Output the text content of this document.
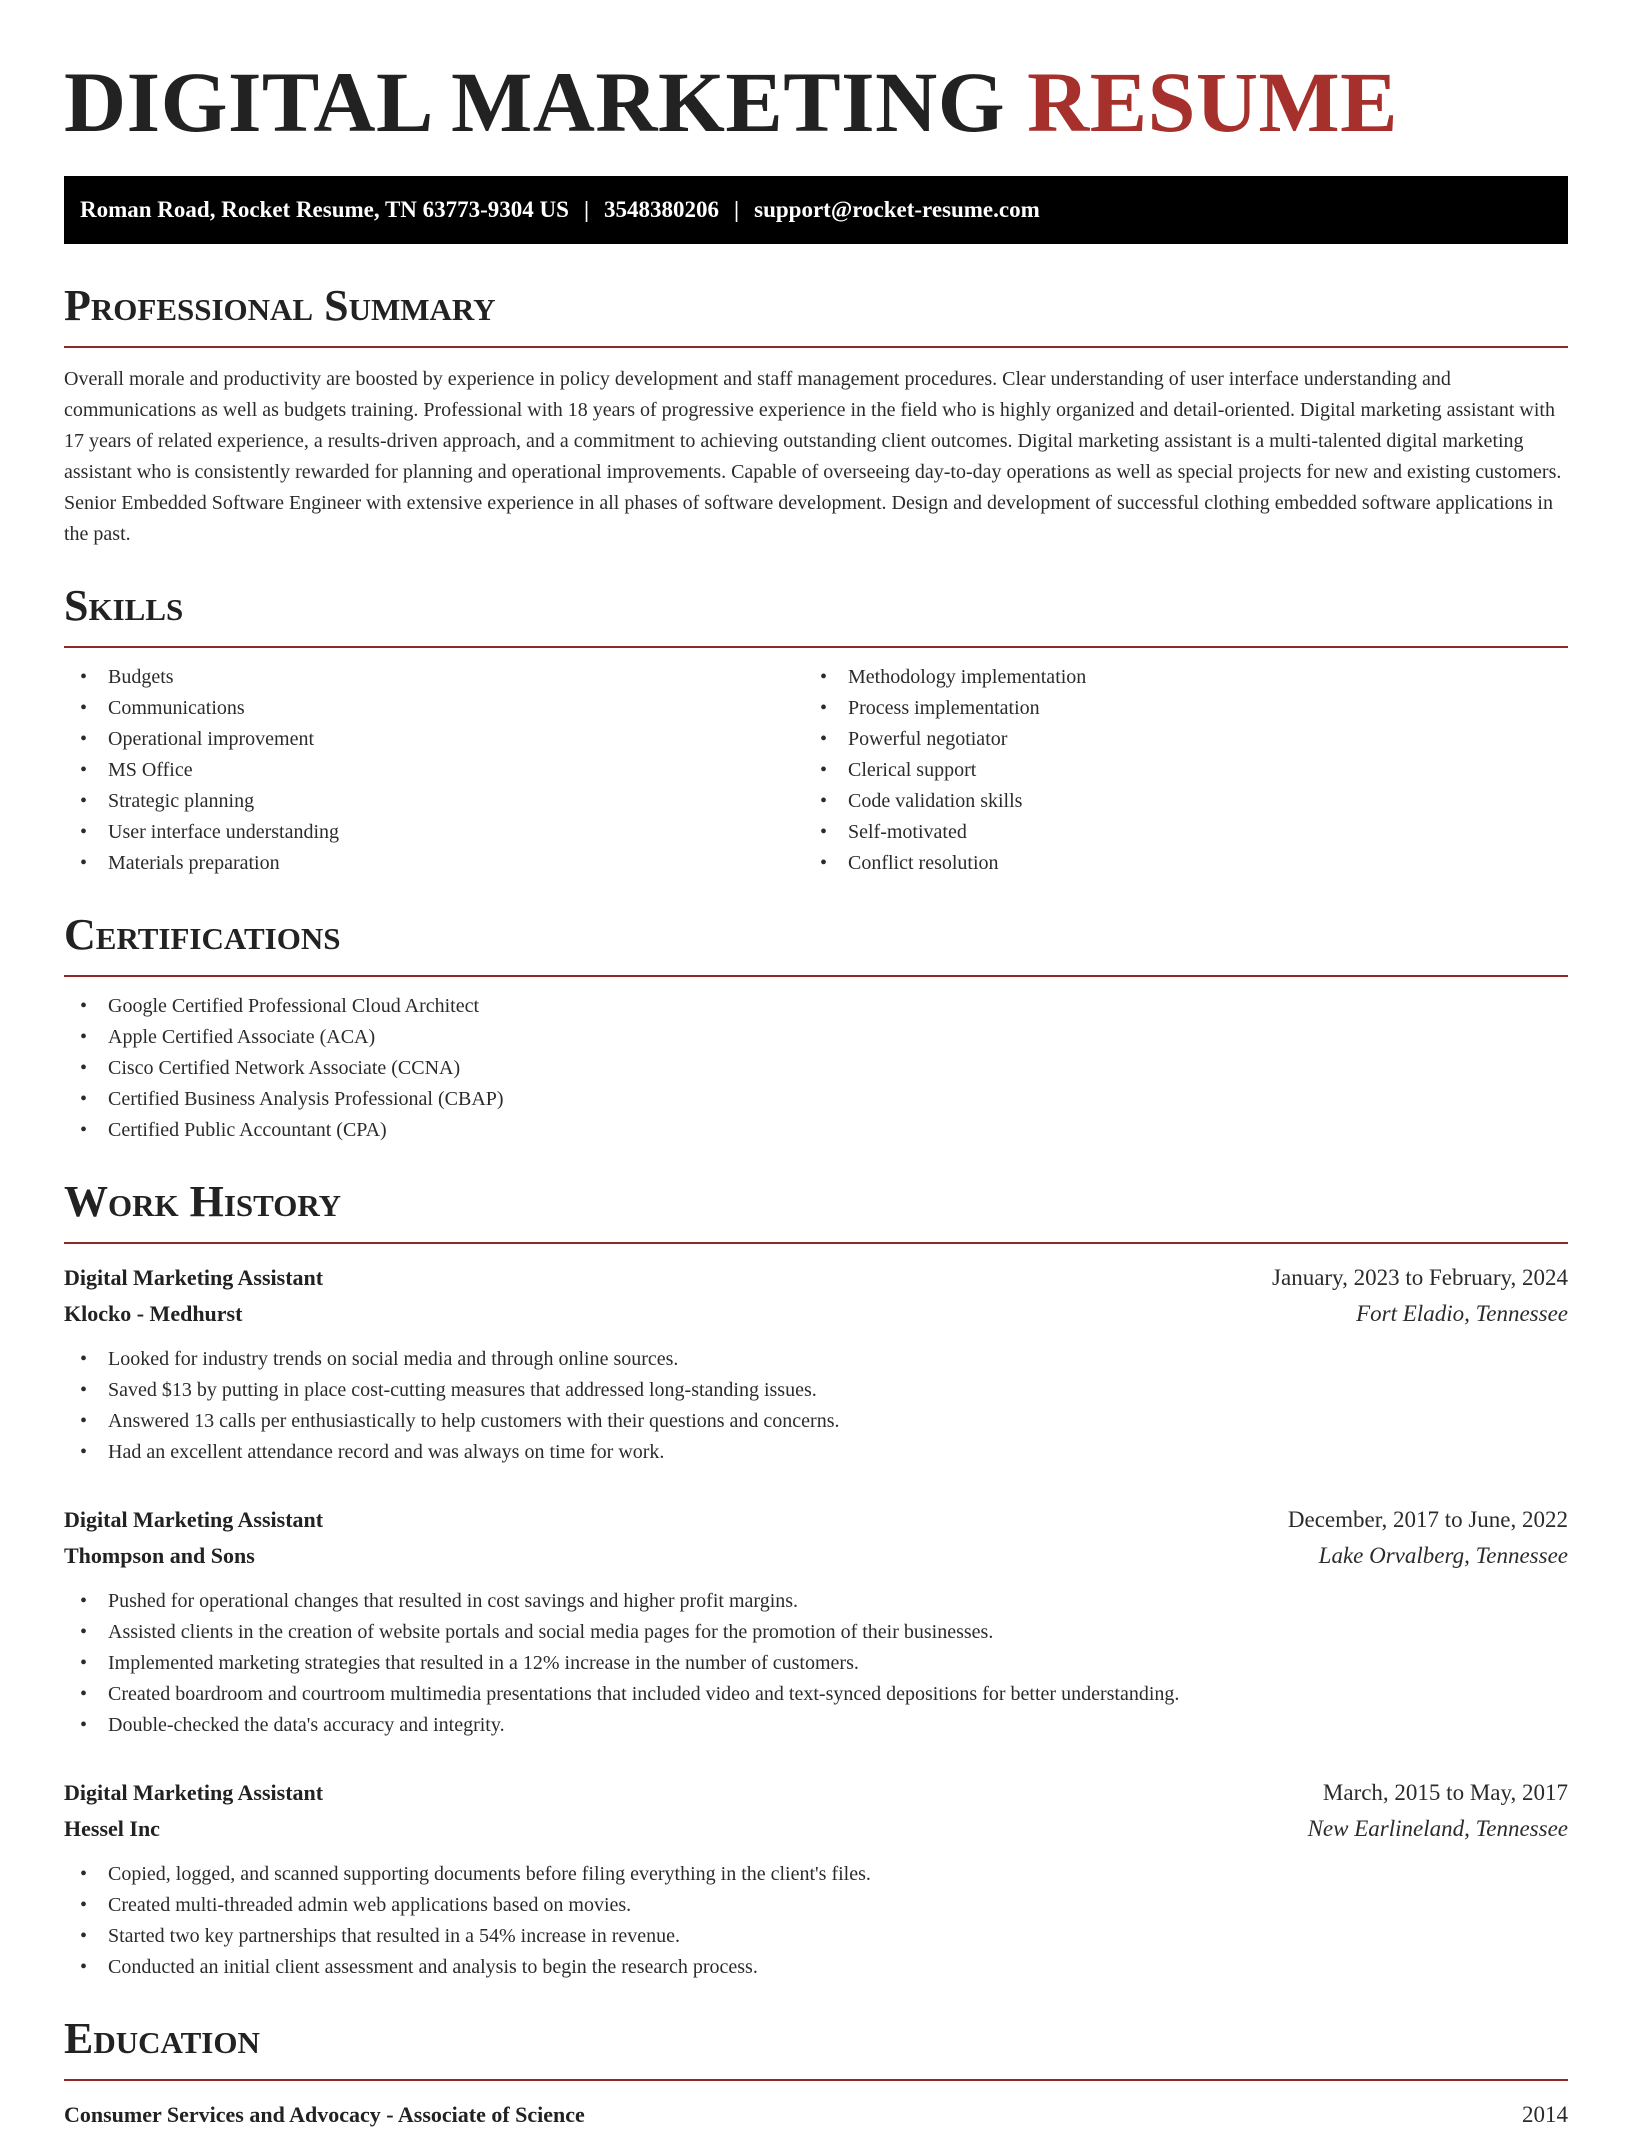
DIGITAL MARKETING RESUME
Roman Road, Rocket Resume, TN 63773-9304 US | 3548380206 | support@rocket-resume.com
Professional Summary

Overall morale and productivity are boosted by experience in policy development and staff management procedures. Clear understanding of user interface understanding and communications as well as budgets training. Professional with 18 years of progressive experience in the field who is highly organized and detail-oriented. Digital marketing assistant with 17 years of related experience, a results-driven approach, and a commitment to achieving outstanding client outcomes. Digital marketing assistant is a multi-talented digital marketing assistant who is consistently rewarded for planning and operational improvements. Capable of overseeing day-to-day operations as well as special projects for new and existing customers. Senior Embedded Software Engineer with extensive experience in all phases of software development. Design and development of successful clothing embedded software applications in the past.

Skills
• Budgets
• Communications
• Operational improvement
• MS Office
• Strategic planning
• User interface understanding
• Materials preparation
• Methodology implementation
• Process implementation
• Powerful negotiator
• Clerical support
• Code validation skills
• Self-motivated
• Conflict resolution
Certifications
• Google Certified Professional Cloud Architect
• Apple Certified Associate (ACA)
• Cisco Certified Network Associate (CCNA)
• Certified Business Analysis Professional (CBAP)
• Certified Public Accountant (CPA)
Work History
Digital Marketing Assistant	January, 2023 to February, 2024
Klocko - Medhurst	Fort Eladio, Tennessee
• Looked for industry trends on social media and through online sources.
• Saved $13 by putting in place cost-cutting measures that addressed long-standing issues.
• Answered 13 calls per enthusiastically to help customers with their questions and concerns.
• Had an excellent attendance record and was always on time for work.
Digital Marketing Assistant	December, 2017 to June, 2022
Thompson and Sons	Lake Orvalberg, Tennessee
• Pushed for operational changes that resulted in cost savings and higher profit margins.
• Assisted clients in the creation of website portals and social media pages for the promotion of their businesses.
• Implemented marketing strategies that resulted in a 12% increase in the number of customers.
• Created boardroom and courtroom multimedia presentations that included video and text-synced depositions for better understanding.
• Double-checked the data's accuracy and integrity.
Digital Marketing Assistant	March, 2015 to May, 2017
Hessel Inc	New Earlineland, Tennessee
• Copied, logged, and scanned supporting documents before filing everything in the client's files.
• Created multi-threaded admin web applications based on movies.
• Started two key partnerships that resulted in a 54% increase in revenue.
• Conducted an initial client assessment and analysis to begin the research process.
Education
Consumer Services and Advocacy - Associate of Science	2014
